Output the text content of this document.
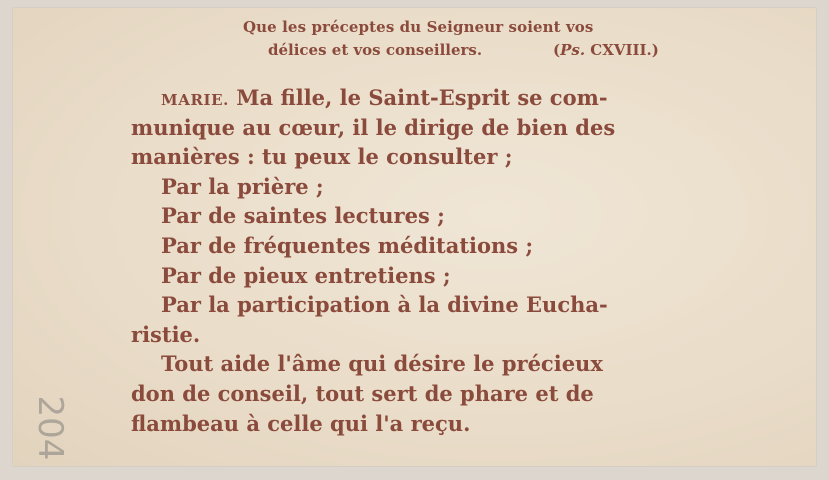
Que les préceptes du Seigneur soient vos
délices et vos conseillers.	(Ps. CXVIII.)
MARIE. Ma fille, le Saint-Esprit se com-
munique au cœur, il le dirige de bien des
manières : tu peux le consulter ;
Par la prière ;
Par de saintes lectures ;
Par de fréquentes méditations ;
Par de pieux entretiens ;
Par la participation à la divine Eucha-
ristie.
Tout aide l'âme qui désire le précieux
don de conseil, tout sert de phare et de
flambeau à celle qui l'a reçu.
204
